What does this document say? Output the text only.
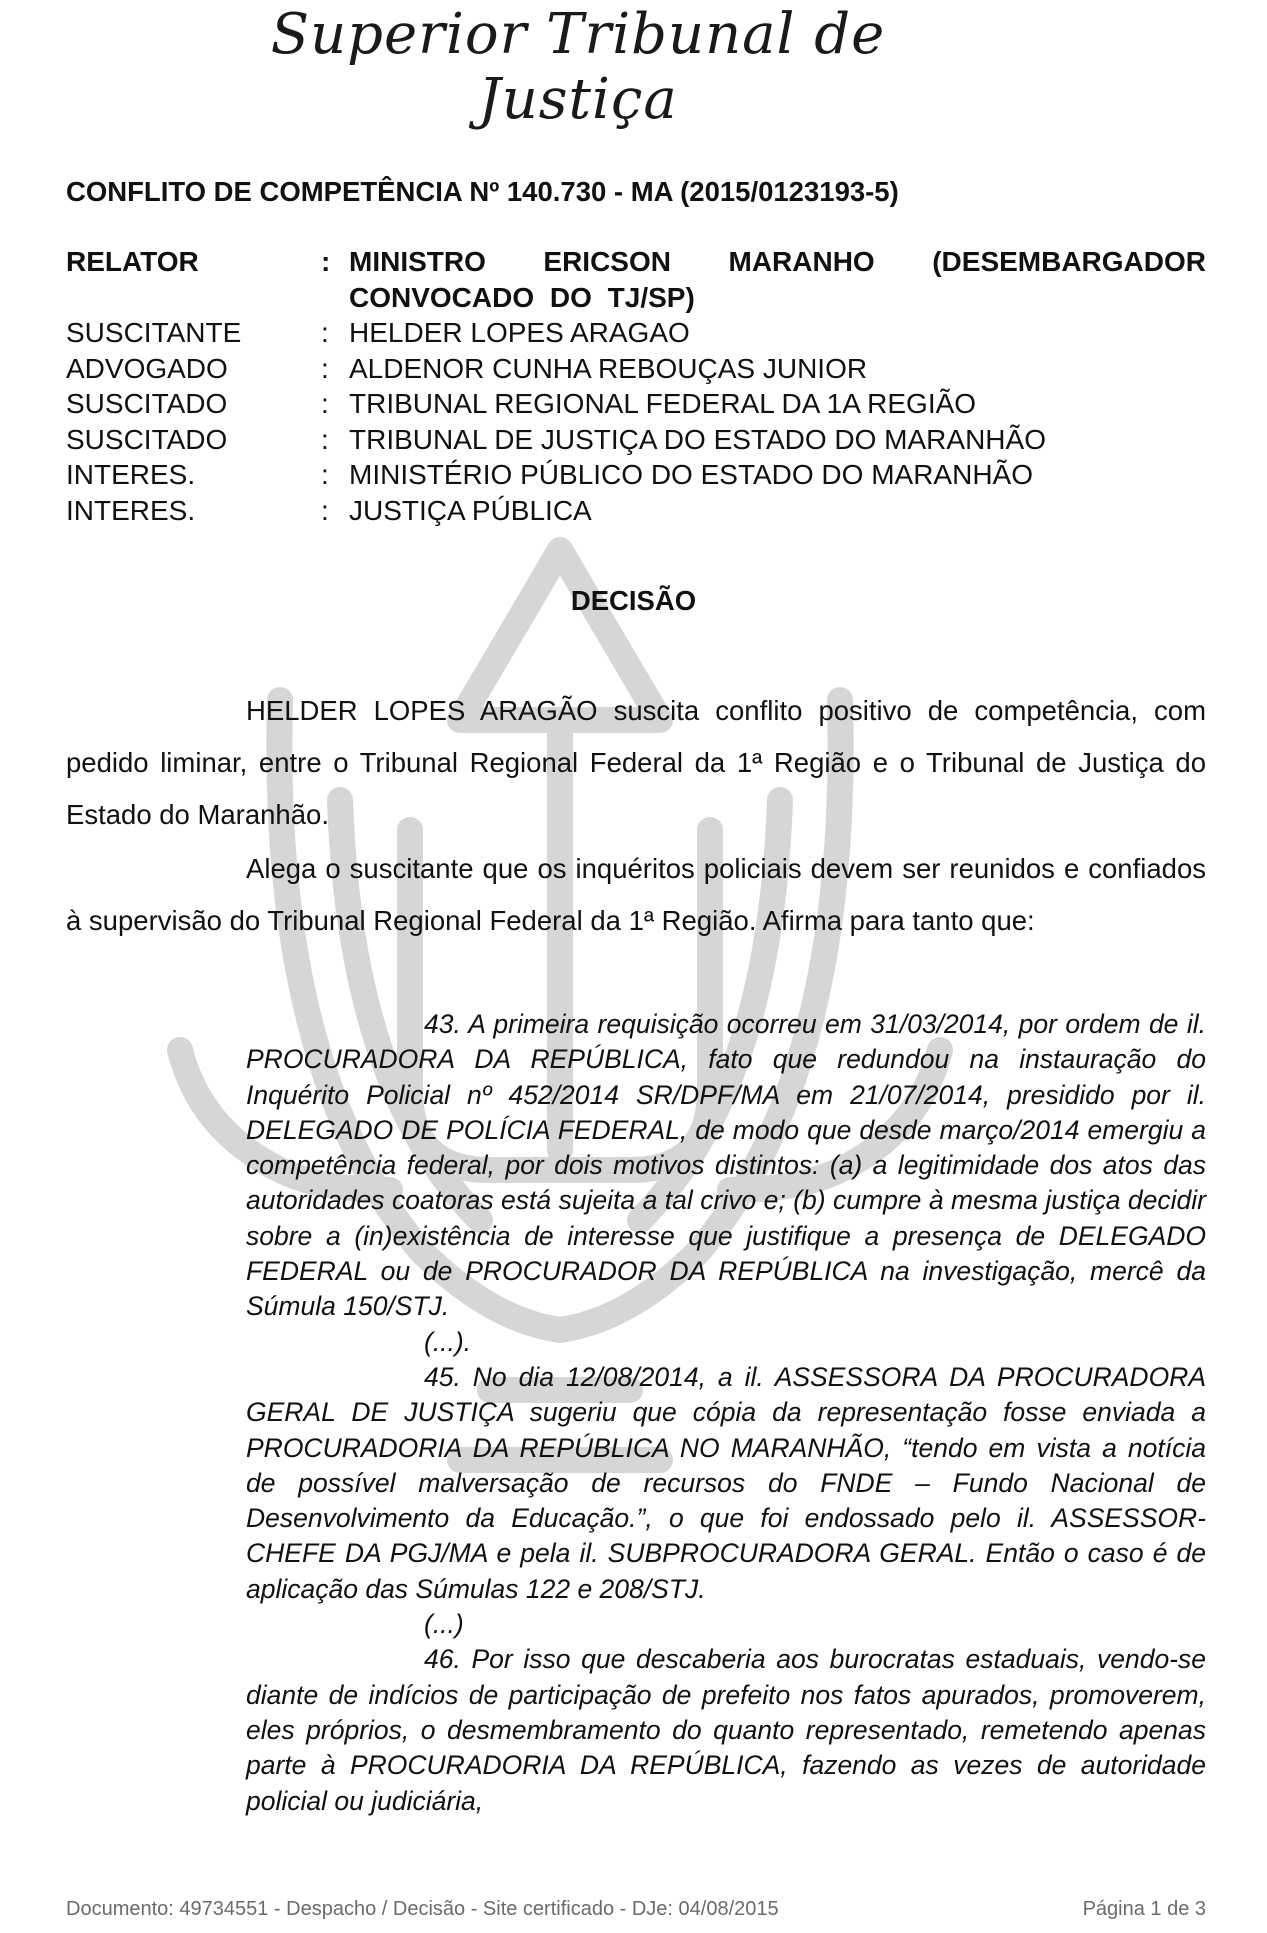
Superior Tribunal de Justiça
CONFLITO DE COMPETÊNCIA Nº 140.730 - MA (2015/0123193-5)
RELATOR	: MINISTRO ERICSON MARANHO (DESEMBARGADOR CONVOCADO DO TJ/SP)
SUSCITANTE	: HELDER LOPES ARAGAO
ADVOGADO	: ALDENOR CUNHA REBOUÇAS JUNIOR
SUSCITADO	: TRIBUNAL REGIONAL FEDERAL DA 1A REGIÃO
SUSCITADO	: TRIBUNAL DE JUSTIÇA DO ESTADO DO MARANHÃO
INTERES.	: MINISTÉRIO PÚBLICO DO ESTADO DO MARANHÃO
INTERES.	: JUSTIÇA PÚBLICA
DECISÃO

HELDER LOPES ARAGÃO suscita conflito positivo de competência, com pedido liminar, entre o Tribunal Regional Federal da 1ª Região e o Tribunal de Justiça do Estado do Maranhão.

Alega o suscitante que os inquéritos policiais devem ser reunidos e confiados à supervisão do Tribunal Regional Federal da 1ª Região. Afirma para tanto que:

43. A primeira requisição ocorreu em 31/03/2014, por ordem de il. PROCURADORA DA REPÚBLICA, fato que redundou na instauração do Inquérito Policial nº 452/2014 SR/DPF/MA em 21/07/2014, presidido por il. DELEGADO DE POLÍCIA FEDERAL, de modo que desde março/2014 emergiu a competência federal, por dois motivos distintos: (a) a legitimidade dos atos das autoridades coatoras está sujeita a tal crivo e; (b) cumpre à mesma justiça decidir sobre a (in)existência de interesse que justifique a presença de DELEGADO FEDERAL ou de PROCURADOR DA REPÚBLICA na investigação, mercê da Súmula 150/STJ.

(...).

45. No dia 12/08/2014, a il. ASSESSORA DA PROCURADORA GERAL DE JUSTIÇA sugeriu que cópia da representação fosse enviada a PROCURADORIA DA REPÚBLICA NO MARANHÃO, “tendo em vista a notícia de possível malversação de recursos do FNDE – Fundo Nacional de Desenvolvimento da Educação.”, o que foi endossado pelo il. ASSESSOR-CHEFE DA PGJ/MA e pela il. SUBPROCURADORA GERAL. Então o caso é de aplicação das Súmulas 122 e 208/STJ.

(...)

46. Por isso que descaberia aos burocratas estaduais, vendo-se diante de indícios de participação de prefeito nos fatos apurados, promoverem, eles próprios, o desmembramento do quanto representado, remetendo apenas parte à PROCURADORIA DA REPÚBLICA, fazendo as vezes de autoridade policial ou judiciária,

Documento: 49734551 - Despacho / Decisão - Site certificado - DJe: 04/08/2015	Página 1 de 3
